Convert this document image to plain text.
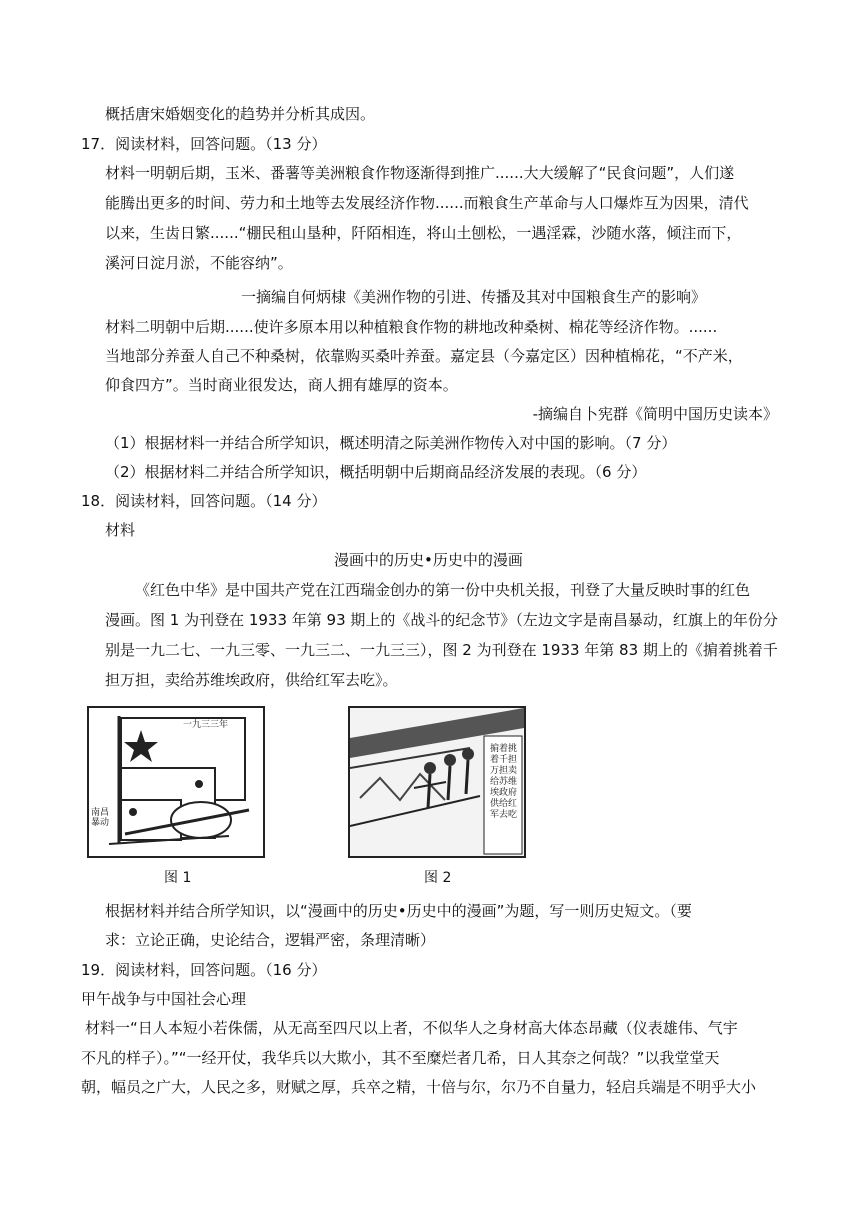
概括唐宋婚姻变化的趋势并分析其成因。
17．阅读材料，回答问题。（13 分）
材料一明朝后期，玉米、番薯等美洲粮食作物逐渐得到推广......大大缓解了“民食问题”，人们遂
能腾出更多的时间、劳力和土地等去发展经济作物......而粮食生产革命与人口爆炸互为因果，清代
以来，生齿日繁......“棚民租山垦种，阡陌相连，将山土刨松，一遇淫霖，沙随水落，倾注而下，
溪河日淀月淤，不能容纳”。
一摘编自何炳棣《美洲作物的引进、传播及其对中国粮食生产的影响》
材料二明朝中后期......使许多原本用以种植粮食作物的耕地改种桑树、棉花等经济作物。......
当地部分养蚕人自己不种桑树，依靠购买桑叶养蚕。嘉定县（今嘉定区）因种植棉花，“不产米，
仰食四方”。当时商业很发达，商人拥有雄厚的资本。
-摘编自卜宪群《简明中国历史读本》
（1）根据材料一并结合所学知识，概述明清之际美洲作物传入对中国的影响。（7 分）
（2）根据材料二并结合所学知识，概括明朝中后期商品经济发展的表现。（6 分）
18．阅读材料，回答问题。（14 分）
材料
漫画中的历史•历史中的漫画
《红色中华》是中国共产党在江西瑞金创办的第一份中央机关报，刊登了大量反映时事的红色
漫画。图 1 为刊登在 1933 年第 93 期上的《战斗的纪念节》（左边文字是南昌暴动，红旗上的年份分
别是一九二七、一九三零、一九三二、一九三三），图 2 为刊登在 1933 年第 83 期上的《掮着挑着千
担万担，卖给苏维埃政府，供给红军去吃》。
一九三三年
南昌暴动
图 1
掮着挑着千担万担卖给苏维埃政府供给红军去吃
图 2
根据材料并结合所学知识，以“漫画中的历史•历史中的漫画”为题，写一则历史短文。（要
求：立论正确，史论结合，逻辑严密，条理清晰）
19．阅读材料，回答问题。（16 分）
甲午战争与中国社会心理
材料一“日人本短小若侏儒，从无高至四尺以上者，不似华人之身材高大体态昂藏（仪表雄伟、气宇
不凡的样子）。”“一经开仗，我华兵以大欺小，其不至糜烂者几希，日人其奈之何哉？”以我堂堂天
朝，幅员之广大，人民之多，财赋之厚，兵卒之精，十倍与尔，尔乃不自量力，轻启兵端是不明乎大小
